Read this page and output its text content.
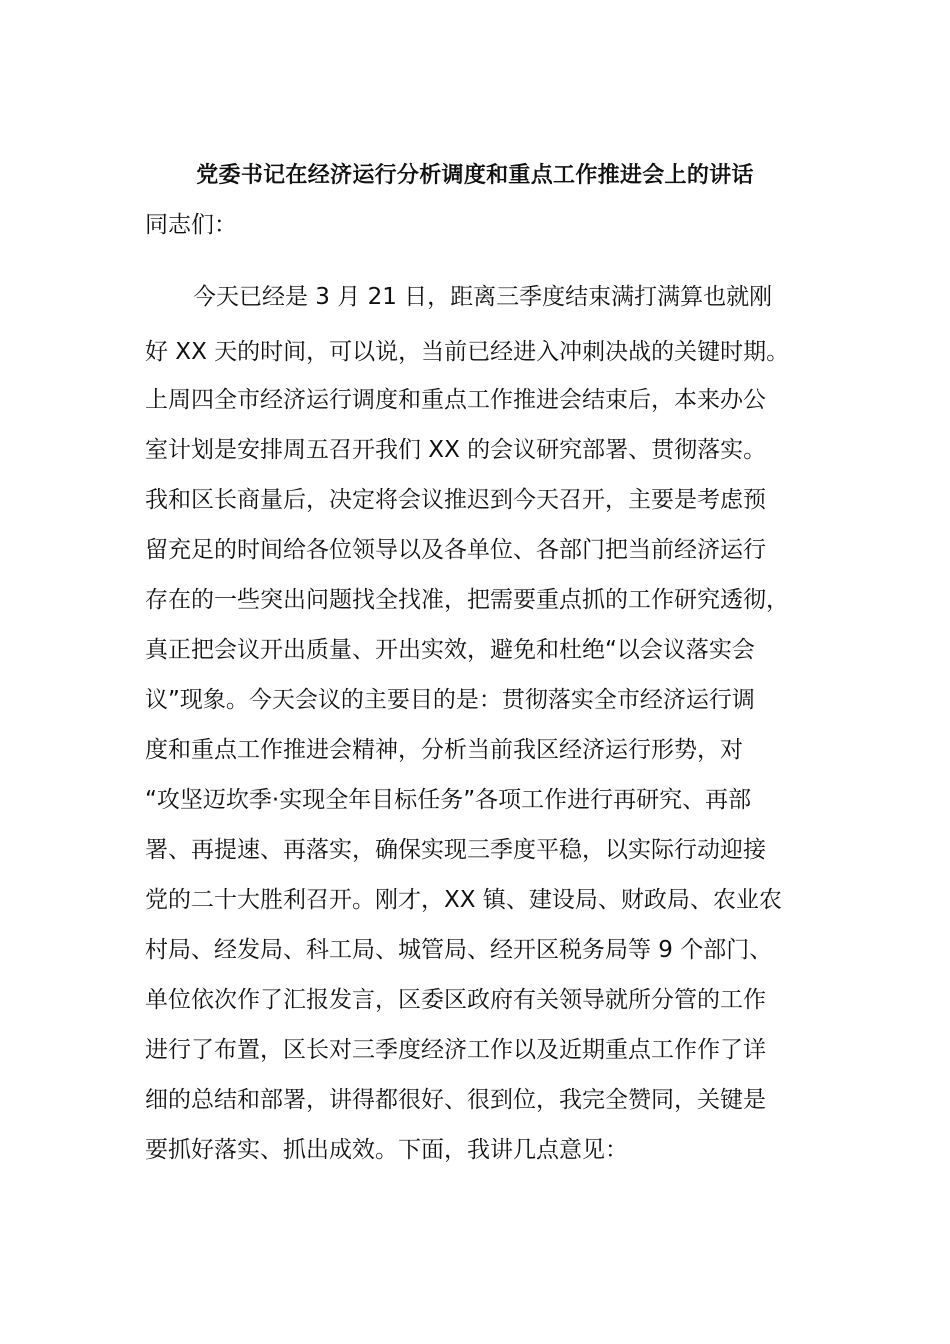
党委书记在经济运行分析调度和重点工作推进会上的讲话
同志们：
今天已经是 3 月 21 日，距离三季度结束满打满算也就刚
好 XX 天的时间，可以说，当前已经进入冲刺决战的关键时期。
上周四全市经济运行调度和重点工作推进会结束后，本来办公
室计划是安排周五召开我们 XX 的会议研究部署、贯彻落实。
我和区长商量后，决定将会议推迟到今天召开，主要是考虑预
留充足的时间给各位领导以及各单位、各部门把当前经济运行
存在的一些突出问题找全找准，把需要重点抓的工作研究透彻，
真正把会议开出质量、开出实效，避免和杜绝“以会议落实会
议”现象。今天会议的主要目的是：贯彻落实全市经济运行调
度和重点工作推进会精神，分析当前我区经济运行形势，对
“攻坚迈坎季·实现全年目标任务”各项工作进行再研究、再部
署、再提速、再落实，确保实现三季度平稳，以实际行动迎接
党的二十大胜利召开。刚才，XX 镇、建设局、财政局、农业农
村局、经发局、科工局、城管局、经开区税务局等 9 个部门、
单位依次作了汇报发言，区委区政府有关领导就所分管的工作
进行了布置，区长对三季度经济工作以及近期重点工作作了详
细的总结和部署，讲得都很好、很到位，我完全赞同，关键是
要抓好落实、抓出成效。下面，我讲几点意见：
